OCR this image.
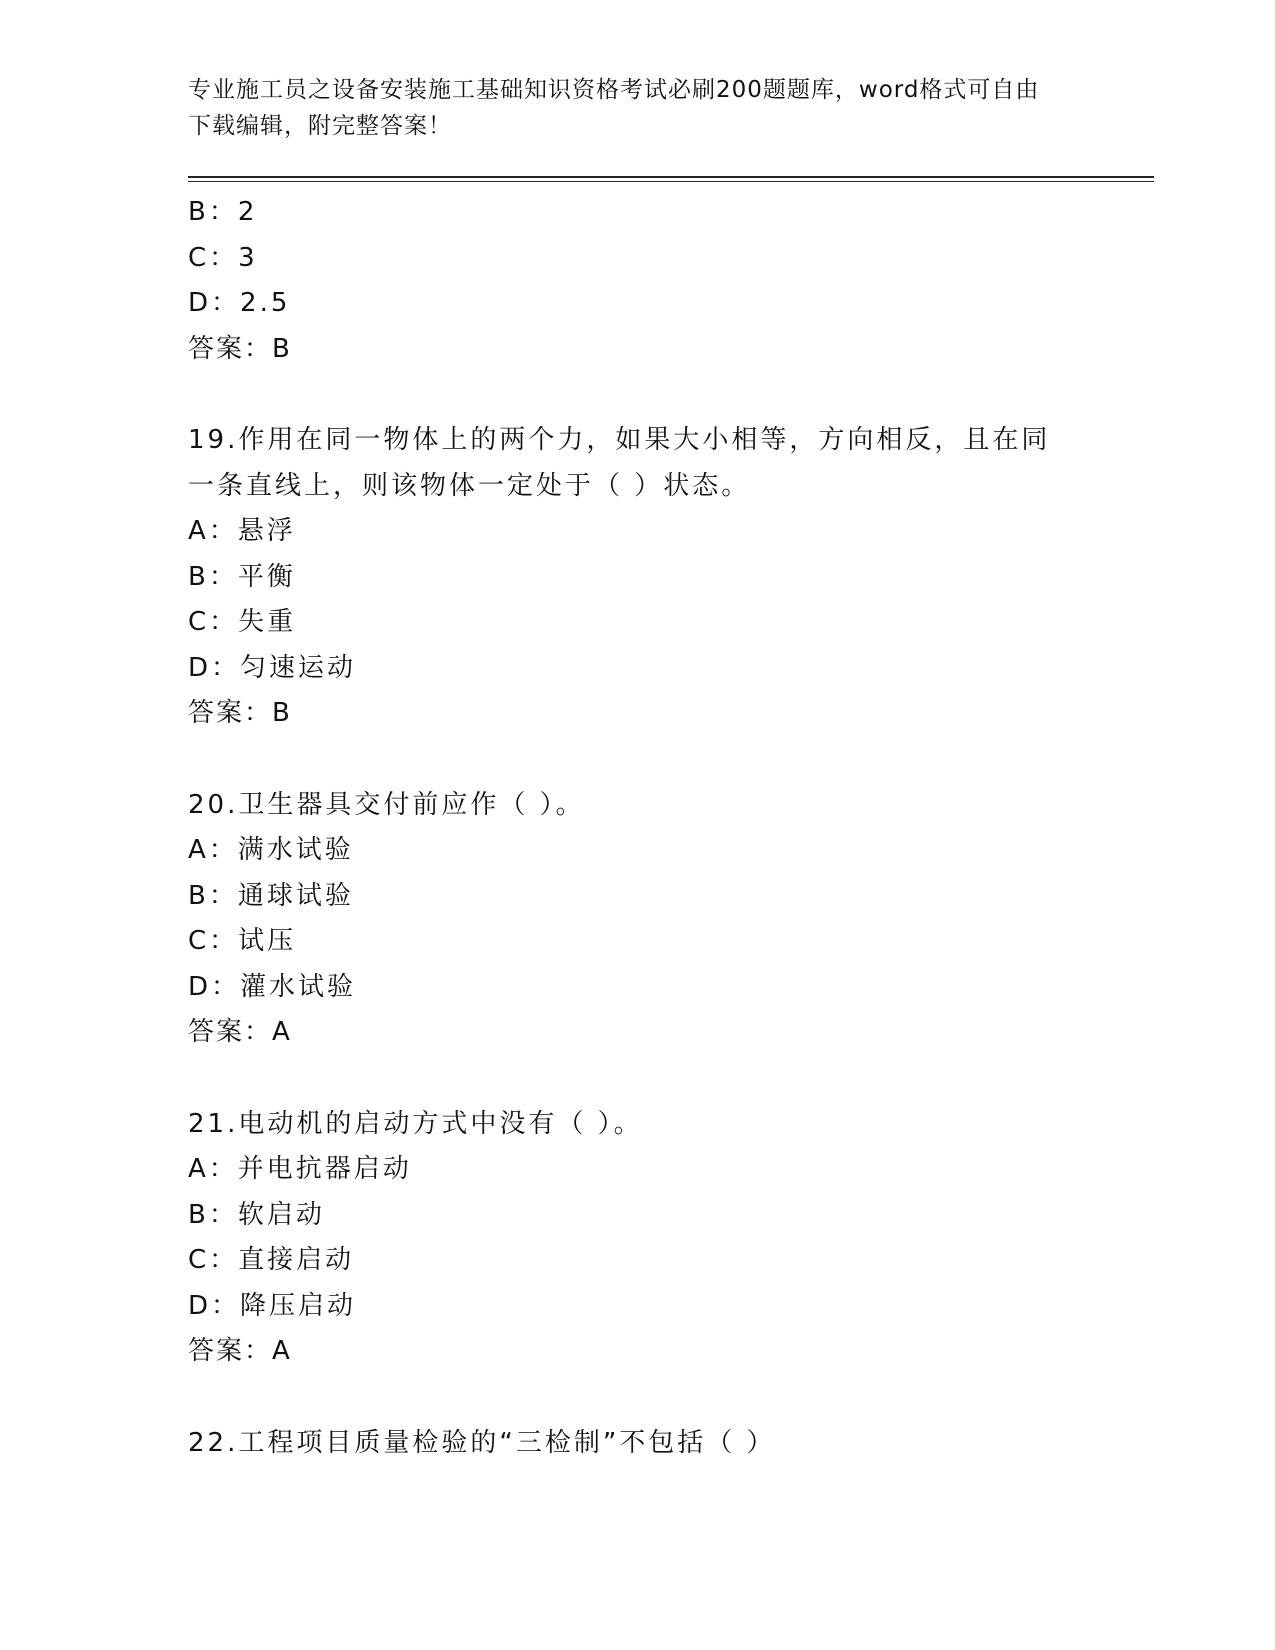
专业施工员之设备安装施工基础知识资格考试必刷200题题库，word格式可自由
下载编辑，附完整答案！
B：2
C：3
D：2.5
答案：B
19.作用在同一物体上的两个力，如果大小相等，方向相反，且在同一条直线上，则该物体一定处于（ ）状态。
A：悬浮
B：平衡
C：失重
D：匀速运动
答案：B
20.卫生器具交付前应作（ ）。
A：满水试验
B：通球试验
C：试压
D：灌水试验
答案：A
21.电动机的启动方式中没有（ ）。
A：并电抗器启动
B：软启动
C：直接启动
D：降压启动
答案：A
22.工程项目质量检验的“三检制”不包括（ ）
